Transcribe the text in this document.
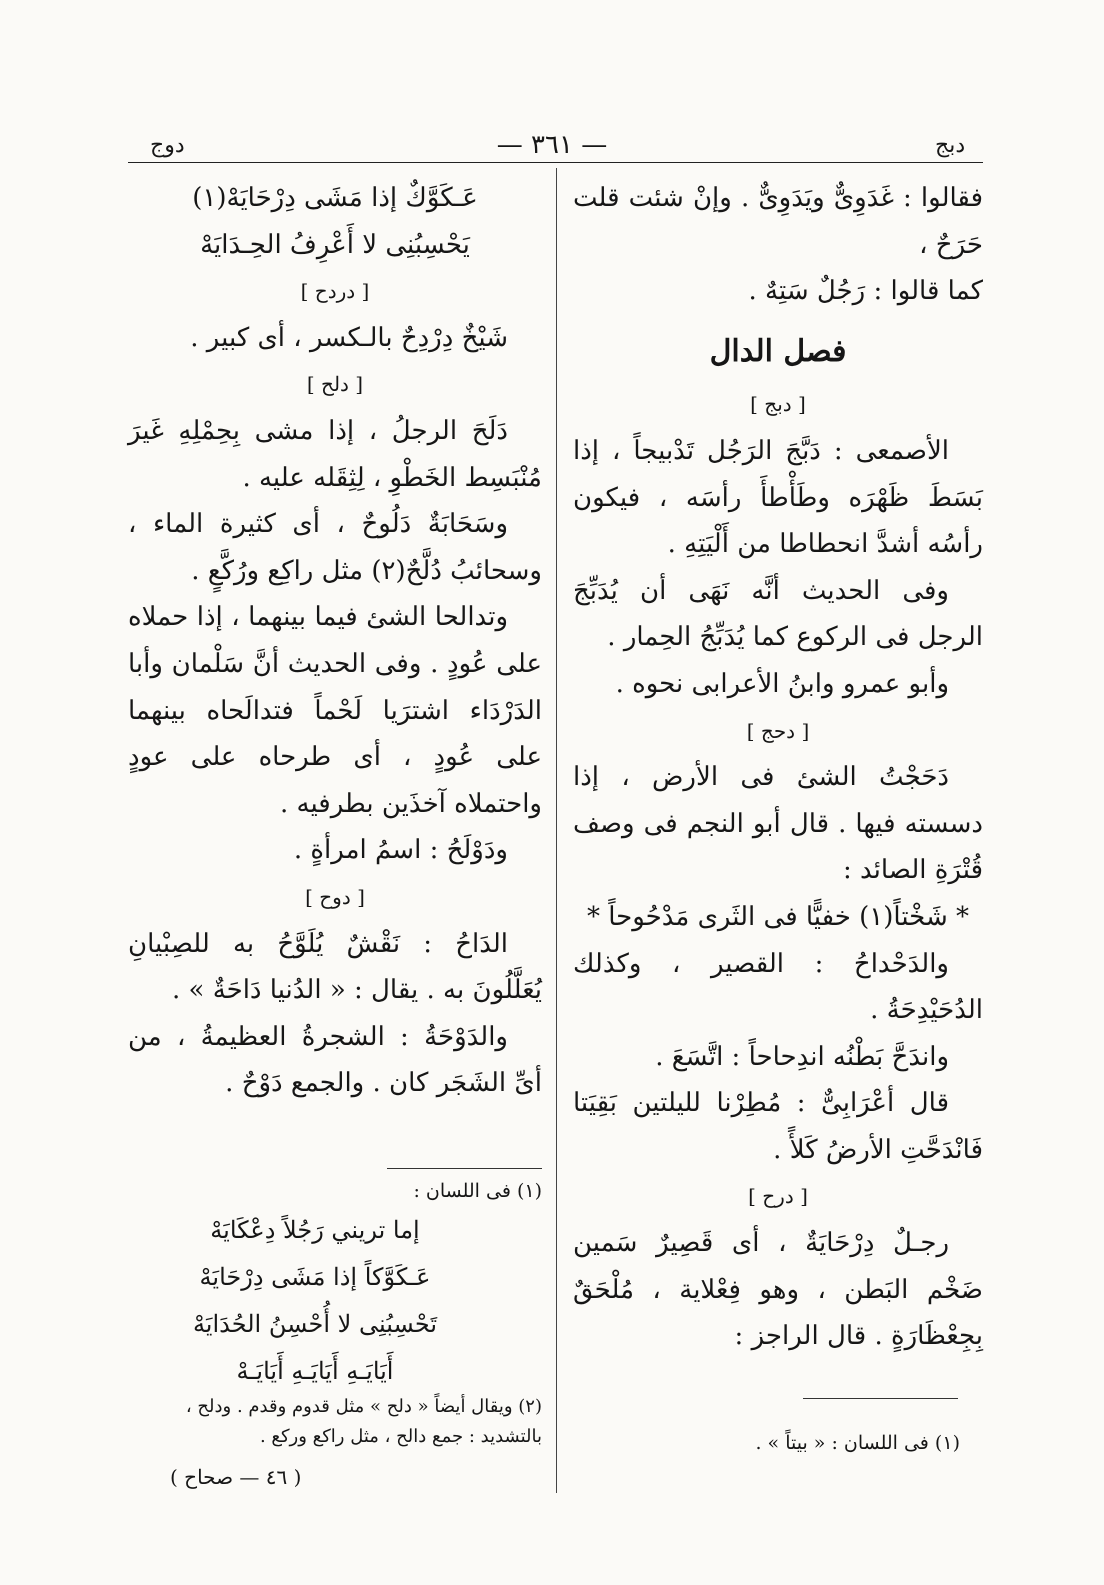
دوج	— ٣٦١ —	دبج

فقالوا : غَدَوِىٌّ ويَدَوِىٌّ . وإنْ شئت قلت حَرَحٌ ،

كما قالوا : رَجُلٌ سَتِهٌ .

فصل الدال
[ دبج ]

الأصمعى : دَبَّجَ الرَجُل تَدْبيجاً ، إذا بَسَطَ ظَهْرَه وطَأْطأَ رأسَه ، فيكون رأسُه أشدَّ انحطاطا من أَلْيَتِهِ .

وفى الحديث أنَّه نَهَى أن يُدَبِّجَ الرجل فى الركوع كما يُدَبِّجُ الحِمار .

وأبو عمرو وابنُ الأعرابى نحوه .

[ دحج ]

دَحَجْتُ الشئ فى الأرض ، إذا دسسته فيها . قال أبو النجم فى وصف قُتْرَةِ الصائد :

* شَخْتاً(١) خفيًّا فى الثَرى مَدْحُوحاً *

والدَحْداحُ : القصير ، وكذلك الدُحَيْدِحَةُ .

واندَحَّ بَطْنُه اندِحاحاً : اتَّسَعَ .

قال أعْرَابِىٌّ : مُطِرْنا لليلتين بَقِيَتا فَانْدَحَّتِ الأرضُ كَلأً .

[ درح ]

رجـلٌ دِرْحَايَةٌ ، أى قَصِيرٌ سَمين ضَخْم البَطن ، وهو فِعْلاية ، مُلْحَقٌ بِجِعْظَارَةٍ . قال الراجز :

(١) فى اللسان : « بيتاً » .

عَـكَوَّكٌ إذا مَشَى دِرْحَايَهْ(١)

يَحْسِبُنِى لا أَعْرِفُ الحِـدَايَهْ

[ دردح ]

شَيْخٌ دِرْدِحٌ بالـكسر ، أى كبير .

[ دلح ]

دَلَحَ الرجلُ ، إذا مشى بِحِمْلِهِ غَيرَ مُنْبَسِط الخَطْوِ ، لِثِقَله عليه .

وسَحَابَةٌ دَلُوحٌ ، أى كثيرة الماء ، وسحائبُ دُلَّحٌ(٢) مثل راكِع ورُكَّعٍ .

وتدالحا الشئ فيما بينهما ، إذا حملاه على عُودٍ . وفى الحديث أنَّ سَلْمان وأبا الدَرْدَاء اشترَيا لَحْماً فتدالَحاه بينهما على عُودٍ ، أى طرحاه على عودٍ واحتملاه آخذَين بطرفيه .

ودَوْلَحُ : اسمُ امرأةٍ .

[ دوح ]

الدَاحُ : نَقْشٌ يُلَوَّحُ به للصِبْيانِ يُعَلَّلُونَ به . يقال : « الدُنيا دَاحَةٌ » .

والدَوْحَةُ : الشجرةُ العظيمةُ ، من أىِّ الشَجَر كان . والجمع دَوْحٌ .

(١) فى اللسان :
إما تريني رَجُلاً دِعْكَايَهْ
عَـكَوَّكاً إذا مَشَى دِرْحَايَهْ
تَحْسِبُنِى لا أُحْسِنُ الحُدَايَهْ
أَيَايَـهِ أَيَايَـهِ أَيَايَـهْ
(٢) ويقال أيضاً « دلح » مثل قدوم وقدم . ودلح ، بالتشديد : جمع دالح ، مثل راكع وركع .
( ٤٦ — صحاح )
